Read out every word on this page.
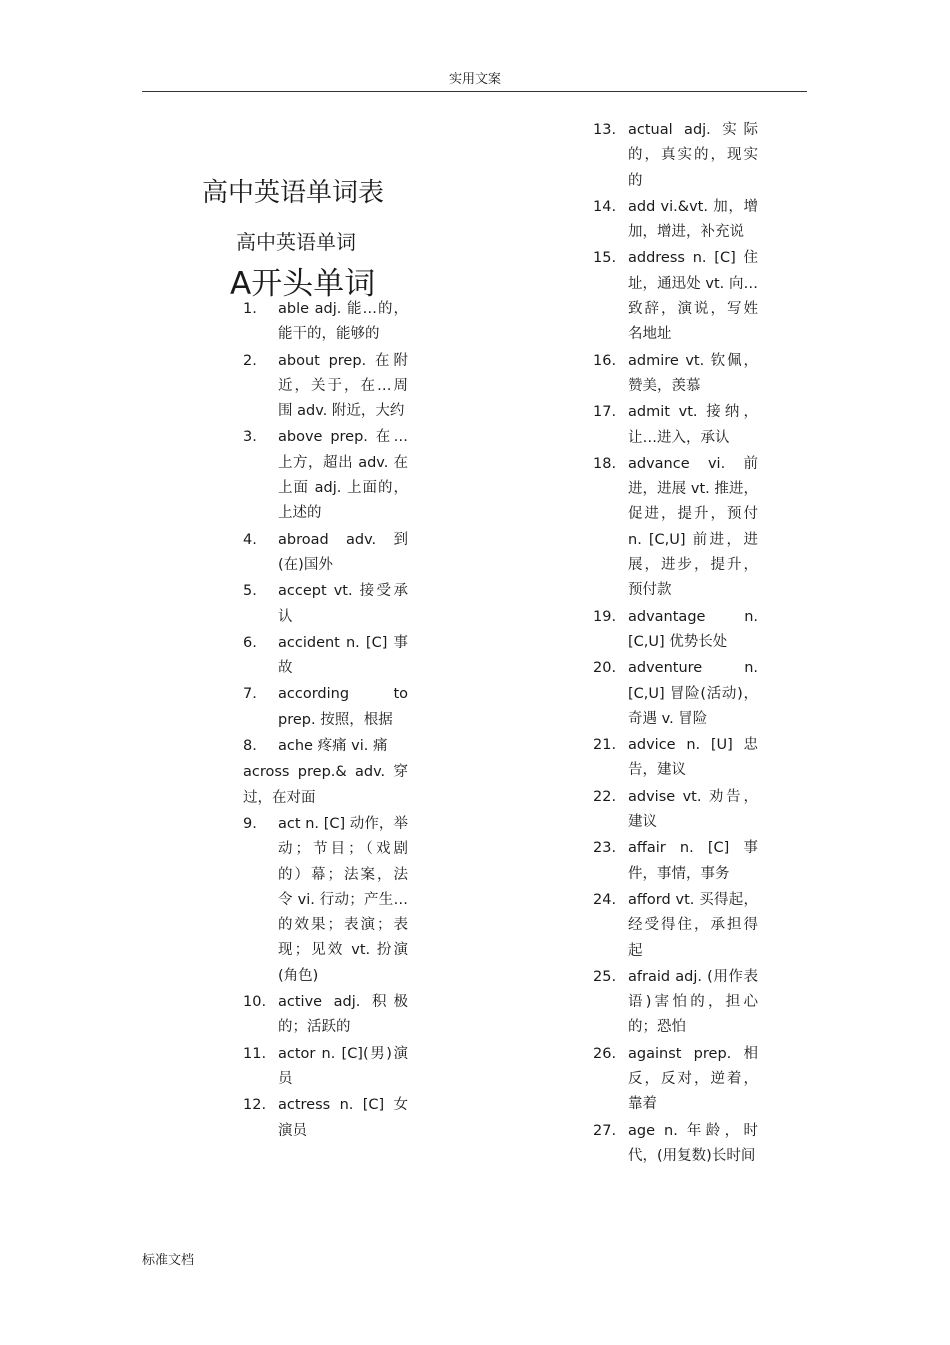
实用文案
高中英语单词表
高中英语单词
A开头单词
1. able adj. 能…的，能干的，能够的
2. about prep. 在附近，关于，在…周围 adv. 附近，大约
3. above prep. 在…上方，超出 adv. 在上面 adj. 上面的，上述的
4. abroad adv. 到(在)国外
5. accept vt. 接受承认
6. accident n. [C] 事故
7. according to prep. 按照，根据
8. ache 疼痛 vi. 痛
across prep.& adv. 穿过，在对面
9. act n. [C] 动作，举动；节目；（戏剧的）幕；法案，法令 vi. 行动；产生…的效果；表演；表现；见效 vt. 扮演(角色)
10. active adj. 积极的；活跃的
11. actor n. [C](男)演员
12. actress n. [C] 女演员
13. actual adj. 实际的，真实的，现实的
14. add vi.&vt. 加，增加，增进，补充说
15. address n. [C] 住址，通迅处 vt. 向…致辞，演说，写姓名地址
16. admire vt. 钦佩，赞美，羡慕
17. admit vt. 接纳，让…进入，承认
18. advance vi. 前进，进展 vt. 推进，促进，提升，预付 n. [C,U] 前进，进展，进步，提升，预付款
19. advantage n. [C,U] 优势长处
20. adventure n. [C,U] 冒险(活动)，奇遇 v. 冒险
21. advice n. [U] 忠告，建议
22. advise vt. 劝告，建议
23. affair n. [C] 事件，事情，事务
24. afford vt. 买得起，经受得住，承担得起
25. afraid adj. (用作表语)害怕的，担心的；恐怕
26. against prep. 相反，反对，逆着，靠着
27. age n. 年龄，时代，(用复数)长时间
标准文档
